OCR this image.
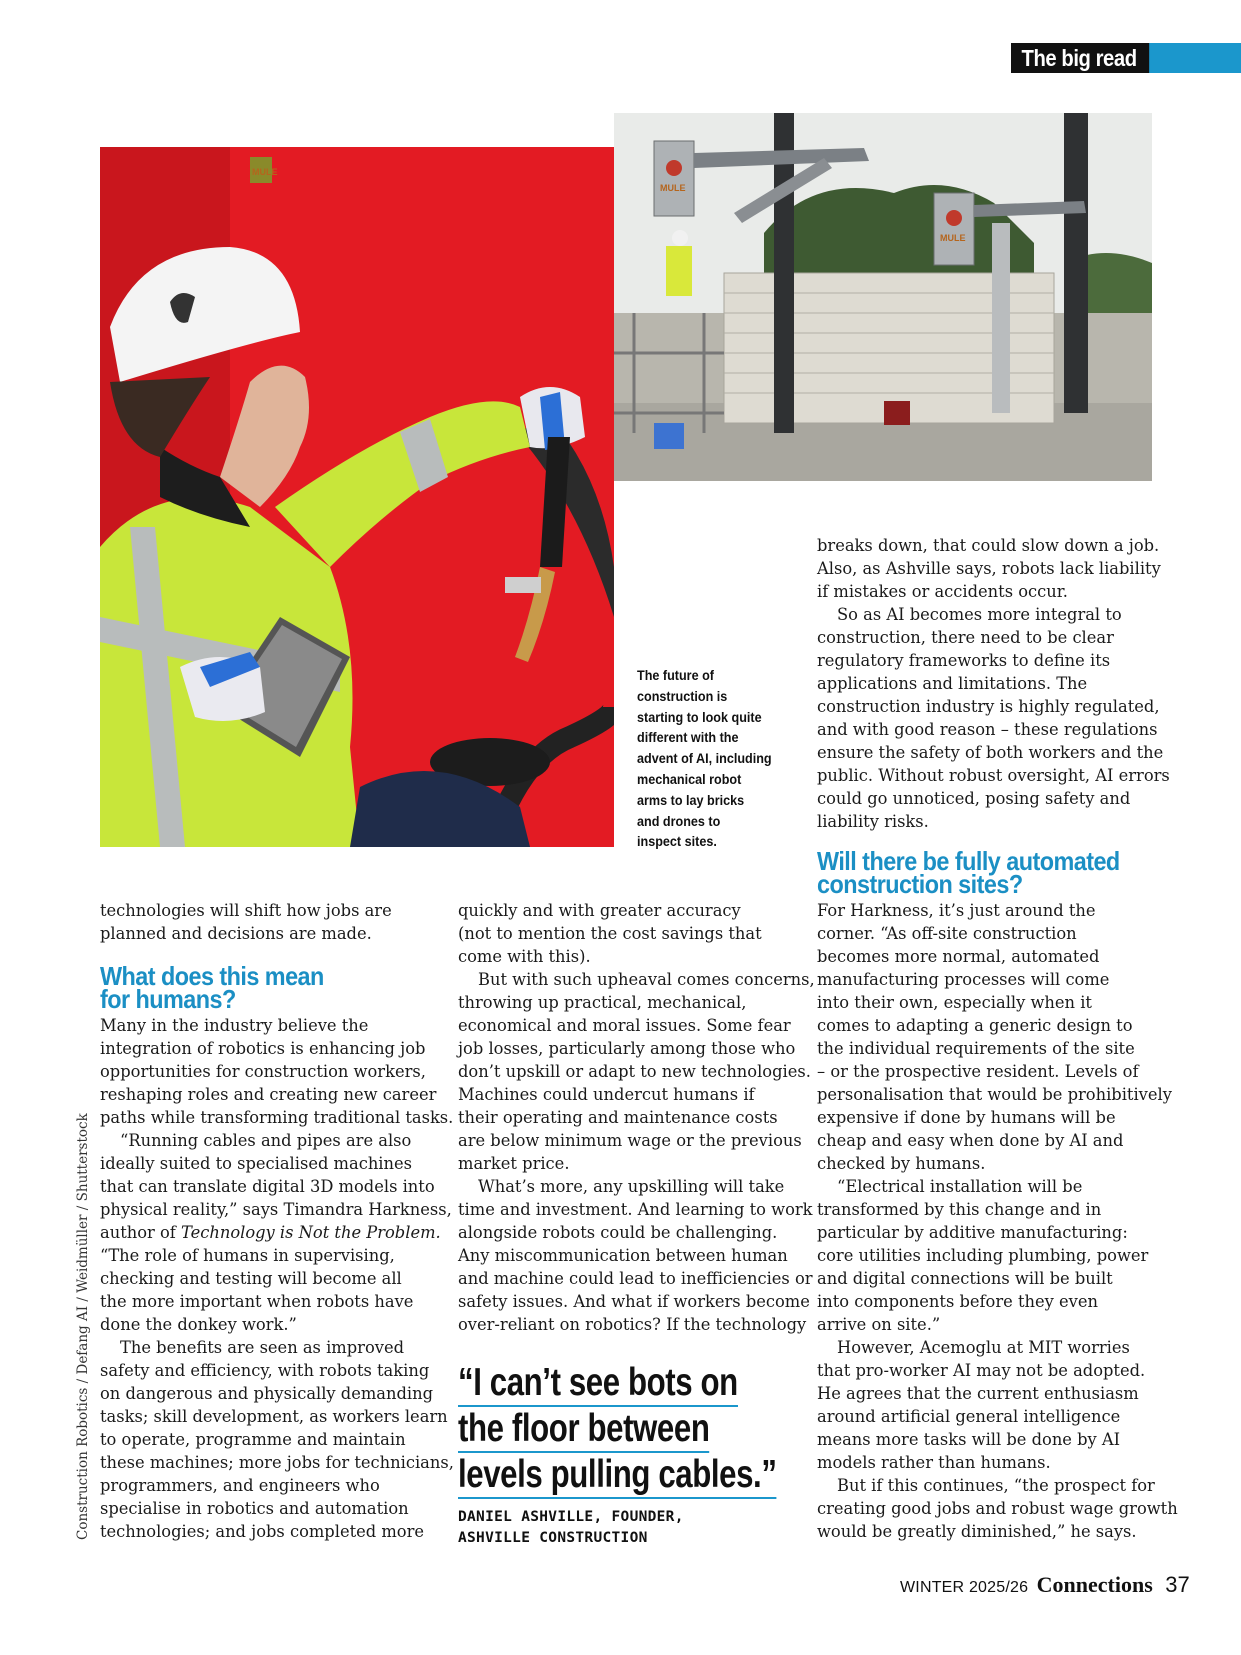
The big read
MULE
MULE
MULE
The future of
construction is
starting to look quite
different with the
advent of AI, including
mechanical robot
arms to lay bricks
and drones to
inspect sites.
Construction Robotics / Defang AI / Weidmüller / Shutterstock

technologies will shift how jobs are
planned and decisions are made.

What does this mean
for humans?

Many in the industry believe the
integration of robotics is enhancing job
opportunities for construction workers,
reshaping roles and creating new career
paths while transforming traditional tasks.

“Running cables and pipes are also
ideally suited to specialised machines
that can translate digital 3D models into
physical reality,” says Timandra Harkness,
author of Technology is Not the Problem.
“The role of humans in supervising,
checking and testing will become all
the more important when robots have
done the donkey work.”

The benefits are seen as improved
safety and efficiency, with robots taking
on dangerous and physically demanding
tasks; skill development, as workers learn
to operate, programme and maintain
these machines; more jobs for technicians,
programmers, and engineers who
specialise in robotics and automation
technologies; and jobs completed more

quickly and with greater accuracy
(not to mention the cost savings that
come with this).

But with such upheaval comes concerns,
throwing up practical, mechanical,
economical and moral issues. Some fear
job losses, particularly among those who
don’t upskill or adapt to new technologies.
Machines could undercut humans if
their operating and maintenance costs
are below minimum wage or the previous
market price.

What’s more, any upskilling will take
time and investment. And learning to work
alongside robots could be challenging.
Any miscommunication between human
and machine could lead to inefficiencies or
safety issues. And what if workers become
over-reliant on robotics? If the technology

“I can’t see bots on
the floor between
levels pulling cables.”
DANIEL ASHVILLE, FOUNDER,
ASHVILLE CONSTRUCTION

breaks down, that could slow down a job.
Also, as Ashville says, robots lack liability
if mistakes or accidents occur.

So as AI becomes more integral to
construction, there need to be clear
regulatory frameworks to define its
applications and limitations. The
construction industry is highly regulated,
and with good reason – these regulations
ensure the safety of both workers and the
public. Without robust oversight, AI errors
could go unnoticed, posing safety and
liability risks.

Will there be fully automated
construction sites?

For Harkness, it’s just around the
corner. “As off-site construction
becomes more normal, automated
manufacturing processes will come
into their own, especially when it
comes to adapting a generic design to
the individual requirements of the site
– or the prospective resident. Levels of
personalisation that would be prohibitively
expensive if done by humans will be
cheap and easy when done by AI and
checked by humans.

“Electrical installation will be
transformed by this change and in
particular by additive manufacturing:
core utilities including plumbing, power
and digital connections will be built
into components before they even
arrive on site.”

However, Acemoglu at MIT worries
that pro-worker AI may not be adopted.
He agrees that the current enthusiasm
around artificial general intelligence
means more tasks will be done by AI
models rather than humans.

But if this continues, “the prospect for
creating good jobs and robust wage growth
would be greatly diminished,” he says.

WINTER 2025/26 Connections 37
